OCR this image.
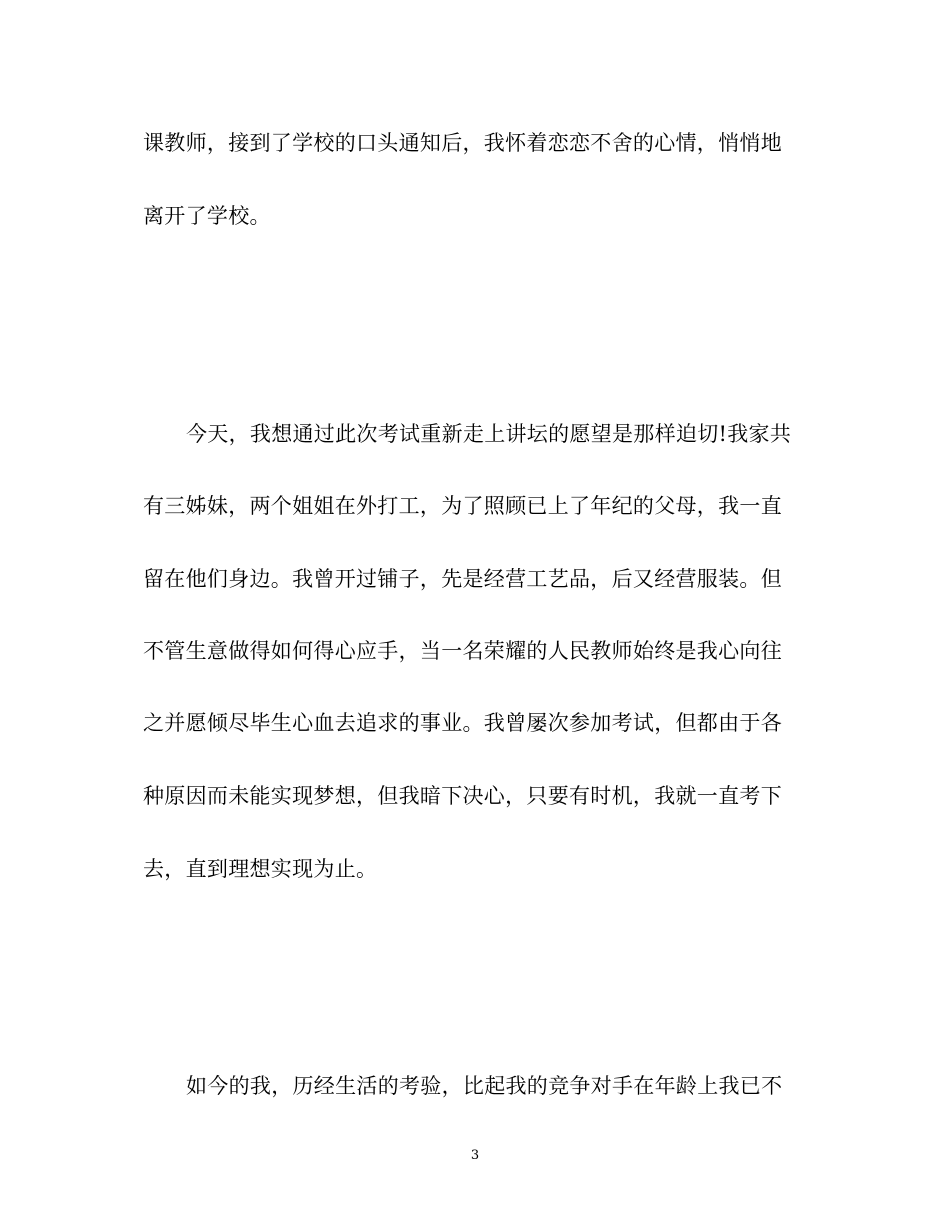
课教师，接到了学校的口头通知后，我怀着恋恋不舍的心情，悄悄地
离开了学校。
今天，我想通过此次考试重新走上讲坛的愿望是那样迫切!我家共
有三姊妹，两个姐姐在外打工，为了照顾已上了年纪的父母，我一直
留在他们身边。我曾开过铺子，先是经营工艺品，后又经营服装。但
不管生意做得如何得心应手，当一名荣耀的人民教师始终是我心向往
之并愿倾尽毕生心血去追求的事业。我曾屡次参加考试，但都由于各
种原因而未能实现梦想，但我暗下决心，只要有时机，我就一直考下
去，直到理想实现为止。
如今的我，历经生活的考验，比起我的竞争对手在年龄上我已不
3
